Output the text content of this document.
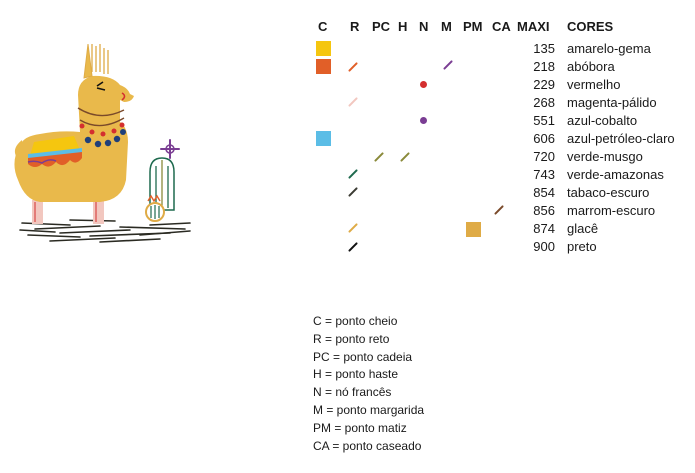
C R PC H N M PM CA MAXI CORES
135 amarelo-gema
218 abóbora
229 vermelho
268 magenta-pálido
551 azul-cobalto
606 azul-petróleo-claro
720 verde-musgo
743 verde-amazonas
854 tabaco-escuro
856 marrom-escuro
874 glacê
900 preto
C = ponto cheio
R = ponto reto
PC = ponto cadeia
H = ponto haste
N = nó francês
M = ponto margarida
PM = ponto matiz
CA = ponto caseado
